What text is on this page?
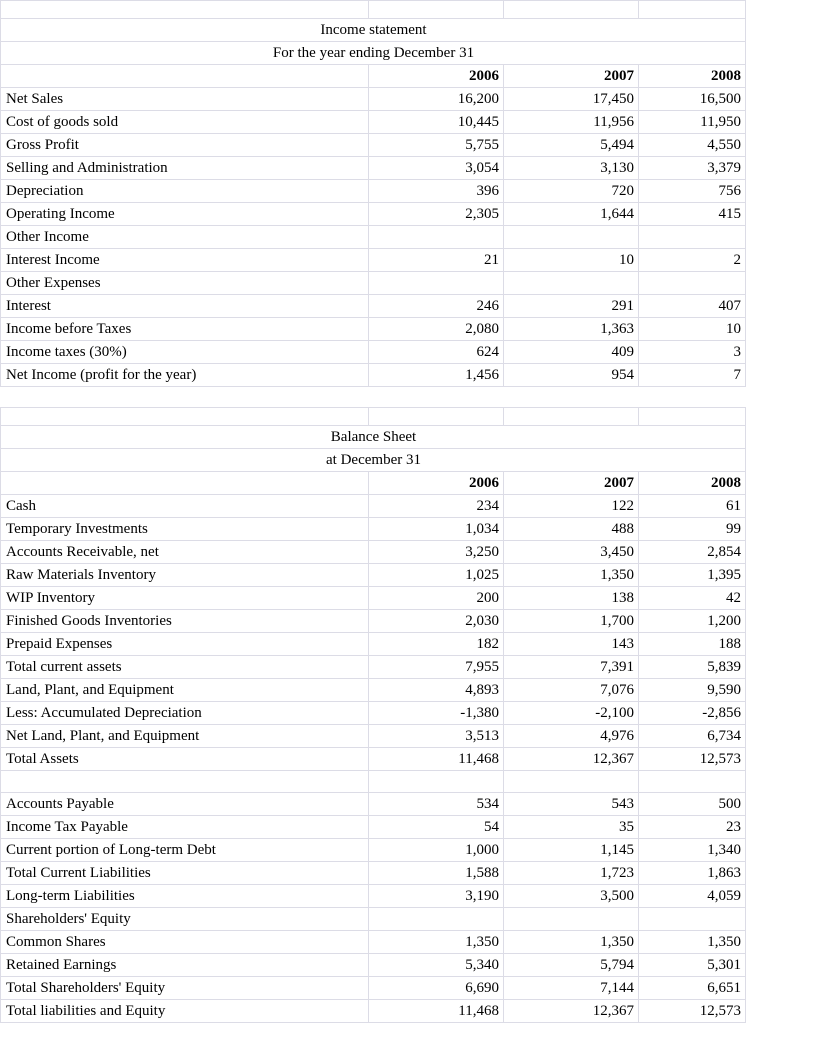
Income statement			
For the year ending December 31			
	2006	2007	2008
Net Sales	16,200	17,450	16,500
Cost of goods sold	10,445	11,956	11,950
Gross Profit	5,755	5,494	4,550
Selling and Administration	3,054	3,130	3,379
Depreciation	396	720	756
Operating Income	2,305	1,644	415
Other Income			
Interest Income	21	10	2
Other Expenses			
Interest	246	291	407
Income before Taxes	2,080	1,363	10
Income taxes (30%)	624	409	3
Net Income (profit for the year)	1,456	954	7

Balance Sheet			
at December 31			
	2006	2007	2008
Cash	234	122	61
Temporary Investments	1,034	488	99
Accounts Receivable, net	3,250	3,450	2,854
Raw Materials Inventory	1,025	1,350	1,395
WIP Inventory	200	138	42
Finished Goods Inventories	2,030	1,700	1,200
Prepaid Expenses	182	143	188
Total current assets	7,955	7,391	5,839
Land, Plant, and Equipment	4,893	7,076	9,590
Less: Accumulated Depreciation	-1,380	-2,100	-2,856
Net Land, Plant, and Equipment	3,513	4,976	6,734
Total Assets	11,468	12,367	12,573

Accounts Payable	534	543	500
Income Tax Payable	54	35	23
Current portion of Long-term Debt	1,000	1,145	1,340
Total Current Liabilities	1,588	1,723	1,863
Long-term Liabilities	3,190	3,500	4,059
Shareholders' Equity			
Common Shares	1,350	1,350	1,350
Retained Earnings	5,340	5,794	5,301
Total Shareholders' Equity	6,690	7,144	6,651
Total liabilities and Equity	11,468	12,367	12,573
